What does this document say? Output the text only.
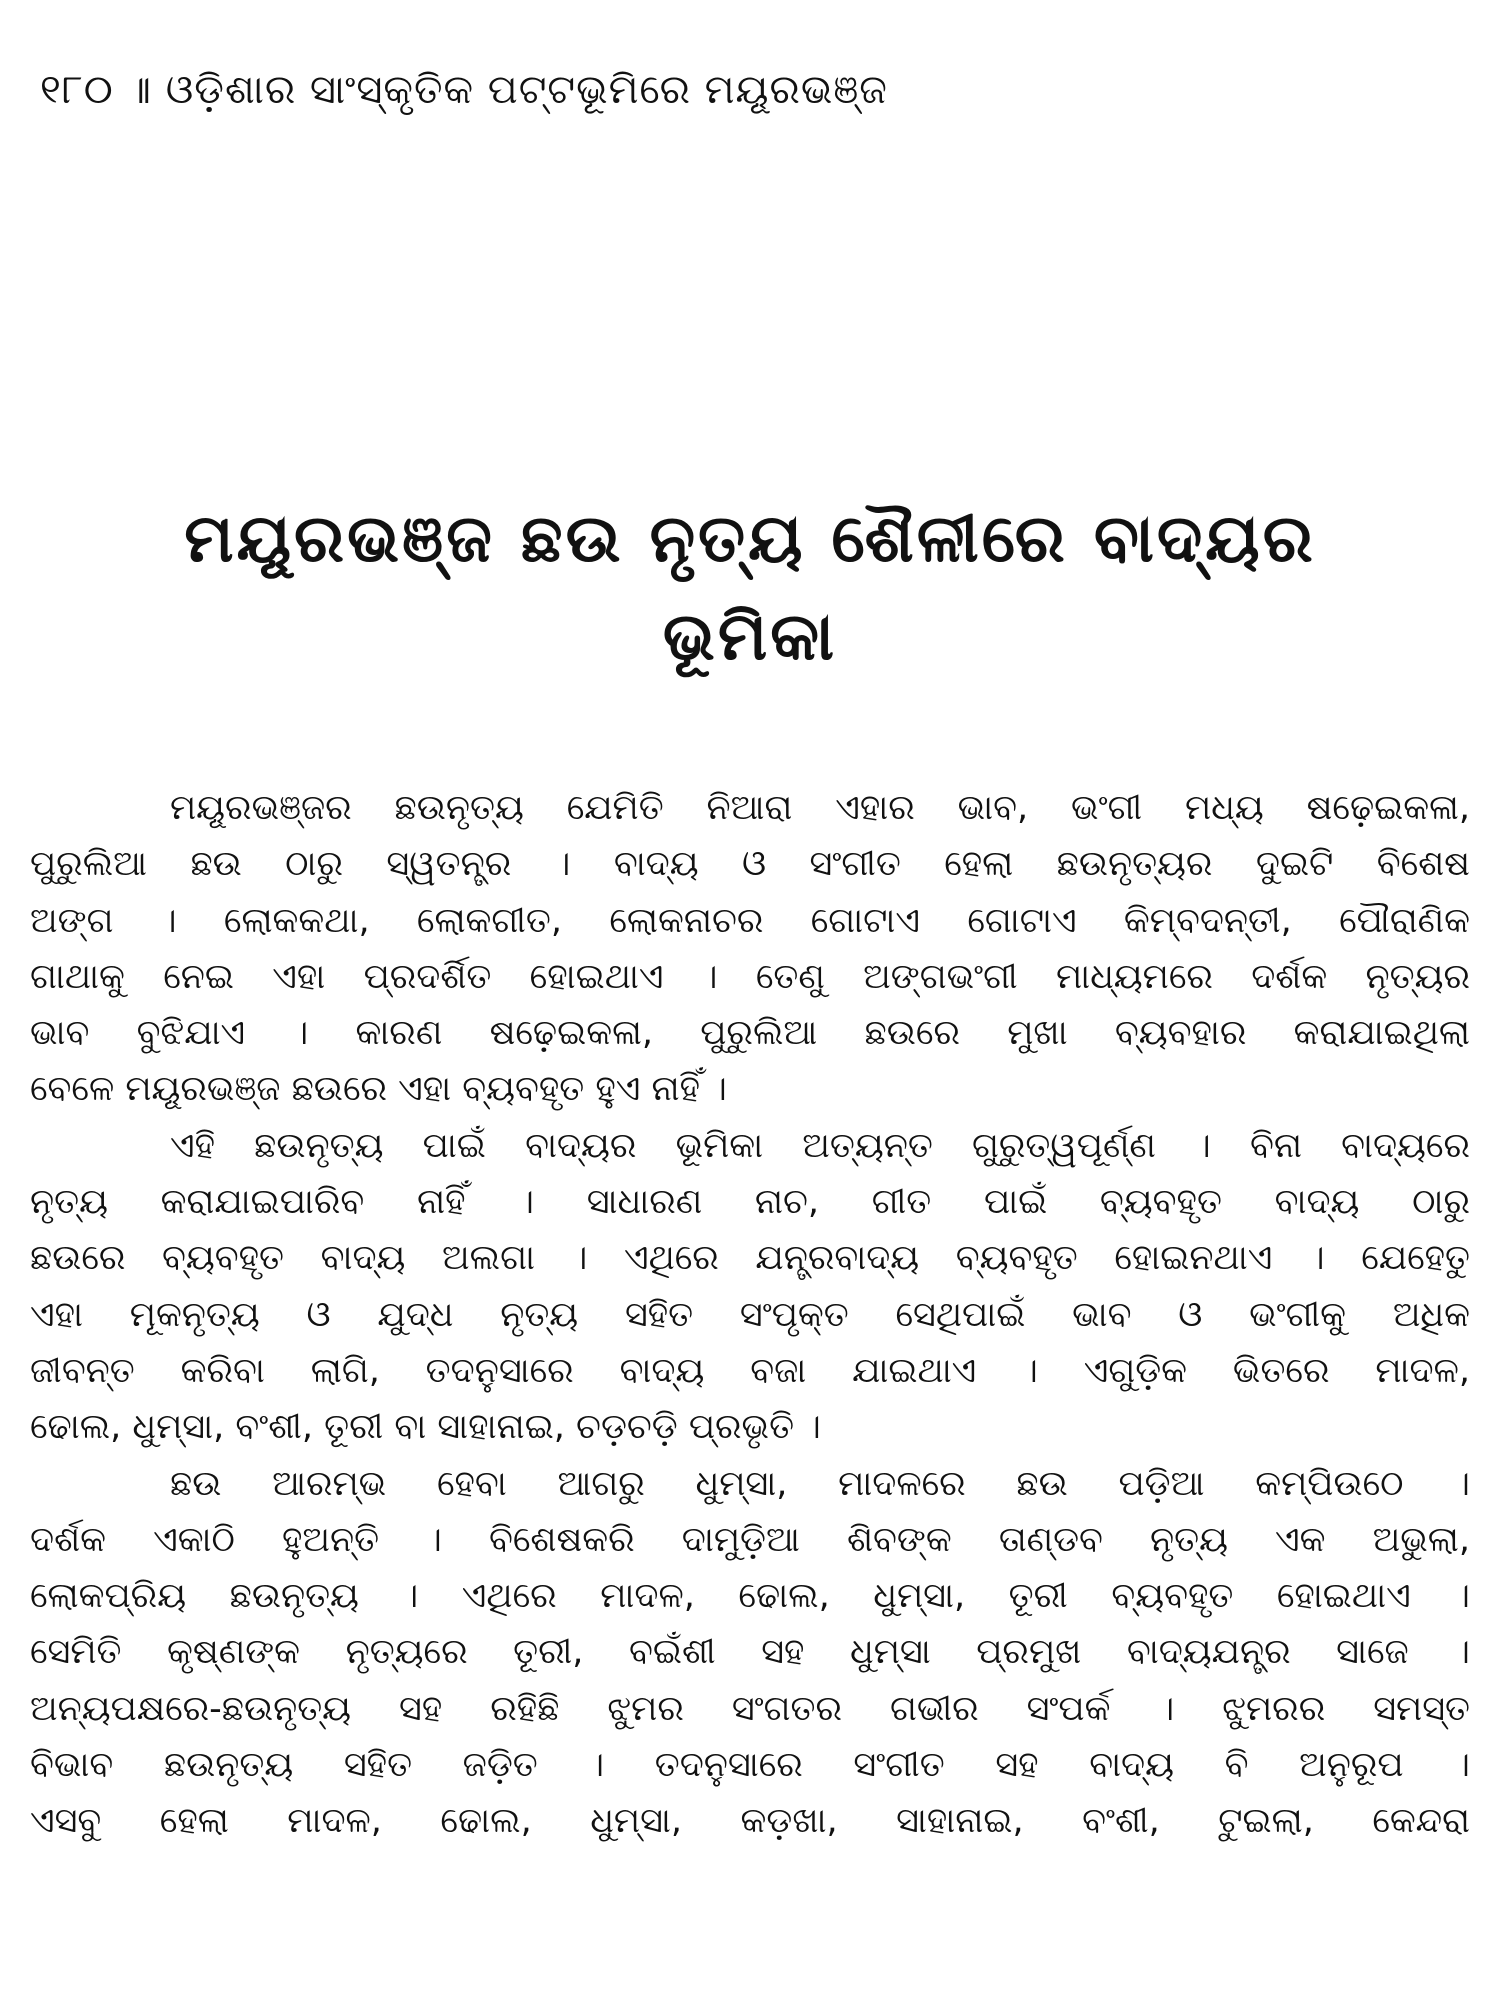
୧୮୦ ॥ ଓଡ଼ିଶାର ସାଂସ୍କୃତିକ ପଟ୍ଟଭୂମିରେ ମୟୂରଭଞ୍ଜ
ମୟୂରଭଞ୍ଜ ଛଉ ନୃତ୍ୟ ଶୈଳୀରେ ବାଦ୍ୟର
ଭୂମିକା
ମୟୂରଭଞ୍ଜର ଛଉନୃତ୍ୟ ଯେମିତି ନିଆରା ଏହାର ଭାବ, ଭଂଗୀ ମଧ୍ୟ ଷଢ଼େଇକଳା,
ପୁରୁଲିଆ ଛଉ ଠାରୁ ସ୍ୱତନ୍ତ୍ର । ବାଦ୍ୟ ଓ ସଂଗୀତ ହେଲା ଛଉନୃତ୍ୟର ଦୁଇଟି ବିଶେଷ
ଅଙ୍ଗ । ଲୋକକଥା, ଲୋକଗୀତ, ଲୋକନାଚର ଗୋଟାଏ ଗୋଟାଏ କିମ୍ବଦନ୍ତୀ, ପୌରାଣିକ
ଗାଥାକୁ ନେଇ ଏହା ପ୍ରଦର୍ଶିତ ହୋଇଥାଏ । ତେଣୁ ଅଙ୍ଗଭଂଗୀ ମାଧ୍ୟମରେ ଦର୍ଶକ ନୃତ୍ୟର
ଭାବ ବୁଝିଯାଏ । କାରଣ ଷଢ଼େଇକଳା, ପୁରୁଲିଆ ଛଉରେ ମୁଖା ବ୍ୟବହାର କରାଯାଇଥିଲା
ବେଳେ ମୟୂରଭଞ୍ଜ ଛଉରେ ଏହା ବ୍ୟବହୃତ ହୁଏ ନାହିଁ ।
ଏହି ଛଉନୃତ୍ୟ ପାଇଁ ବାଦ୍ୟର ଭୂମିକା ଅତ୍ୟନ୍ତ ଗୁରୁତ୍ୱପୂର୍ଣ୍ଣ । ବିନା ବାଦ୍ୟରେ
ନୃତ୍ୟ କରାଯାଇପାରିବ ନାହିଁ । ସାଧାରଣ ନାଚ, ଗୀତ ପାଇଁ ବ୍ୟବହୃତ ବାଦ୍ୟ ଠାରୁ
ଛଉରେ ବ୍ୟବହୃତ ବାଦ୍ୟ ଅଲଗା । ଏଥିରେ ଯନ୍ତ୍ରବାଦ୍ୟ ବ୍ୟବହୃତ ହୋଇନଥାଏ । ଯେହେତୁ
ଏହା ମୂକନୃତ୍ୟ ଓ ଯୁଦ୍ଧ ନୃତ୍ୟ ସହିତ ସଂପୃକ୍ତ ସେଥିପାଇଁ ଭାବ ଓ ଭଂଗୀକୁ ଅଧିକ
ଜୀବନ୍ତ କରିବା ଲାଗି, ତଦନୁସାରେ ବାଦ୍ୟ ବଜା ଯାଇଥାଏ । ଏଗୁଡ଼ିକ ଭିତରେ ମାଦଳ,
ଢୋଲ, ଧୁମ୍‌ସା, ବଂଶୀ, ତୂରୀ ବା ସାହାନାଇ, ଚଡ଼ଚଡ଼ି ପ୍ରଭୃତି ।
ଛଉ ଆରମ୍ଭ ହେବା ଆଗରୁ ଧୁମ୍‌ସା, ମାଦଳରେ ଛଉ ପଡ଼ିଆ କମ୍ପିଉଠେ ।
ଦର୍ଶକ ଏକାଠି ହୁଅନ୍ତି । ବିଶେଷକରି ଦାମୁଡ଼ିଆ ଶିବଙ୍କ ତାଣ୍ଡବ ନୃତ୍ୟ ଏକ ଅଭୁଲା,
ଲୋକପ୍ରିୟ ଛଉନୃତ୍ୟ । ଏଥିରେ ମାଦଳ, ଢୋଲ, ଧୁମ୍‌ସା, ତୂରୀ ବ୍ୟବହୃତ ହୋଇଥାଏ ।
ସେମିତି କୃଷ୍ଣଙ୍କ ନୃତ୍ୟରେ ତୂରୀ, ବଇଁଶୀ ସହ ଧୁମ୍‌ସା ପ୍ରମୁଖ ବାଦ୍ୟଯନ୍ତ୍ର ସାଜେ ।
ଅନ୍ୟପକ୍ଷରେ-ଛଉନୃତ୍ୟ ସହ ରହିଛି ଝୁମର ସଂଗତର ଗଭୀର ସଂପର୍କ । ଝୁମରର ସମସ୍ତ
ବିଭାବ ଛଉନୃତ୍ୟ ସହିତ ଜଡ଼ିତ । ତଦନୁସାରେ ସଂଗୀତ ସହ ବାଦ୍ୟ ବି ଅନୁରୂପ ।
ଏସବୁ ହେଲା ମାଦଳ, ଢୋଲ, ଧୁମ୍‌ସା, କଡ଼ଖା, ସାହାନାଇ, ବଂଶୀ, ଟୁଇଲା, କେନ୍ଦରା
